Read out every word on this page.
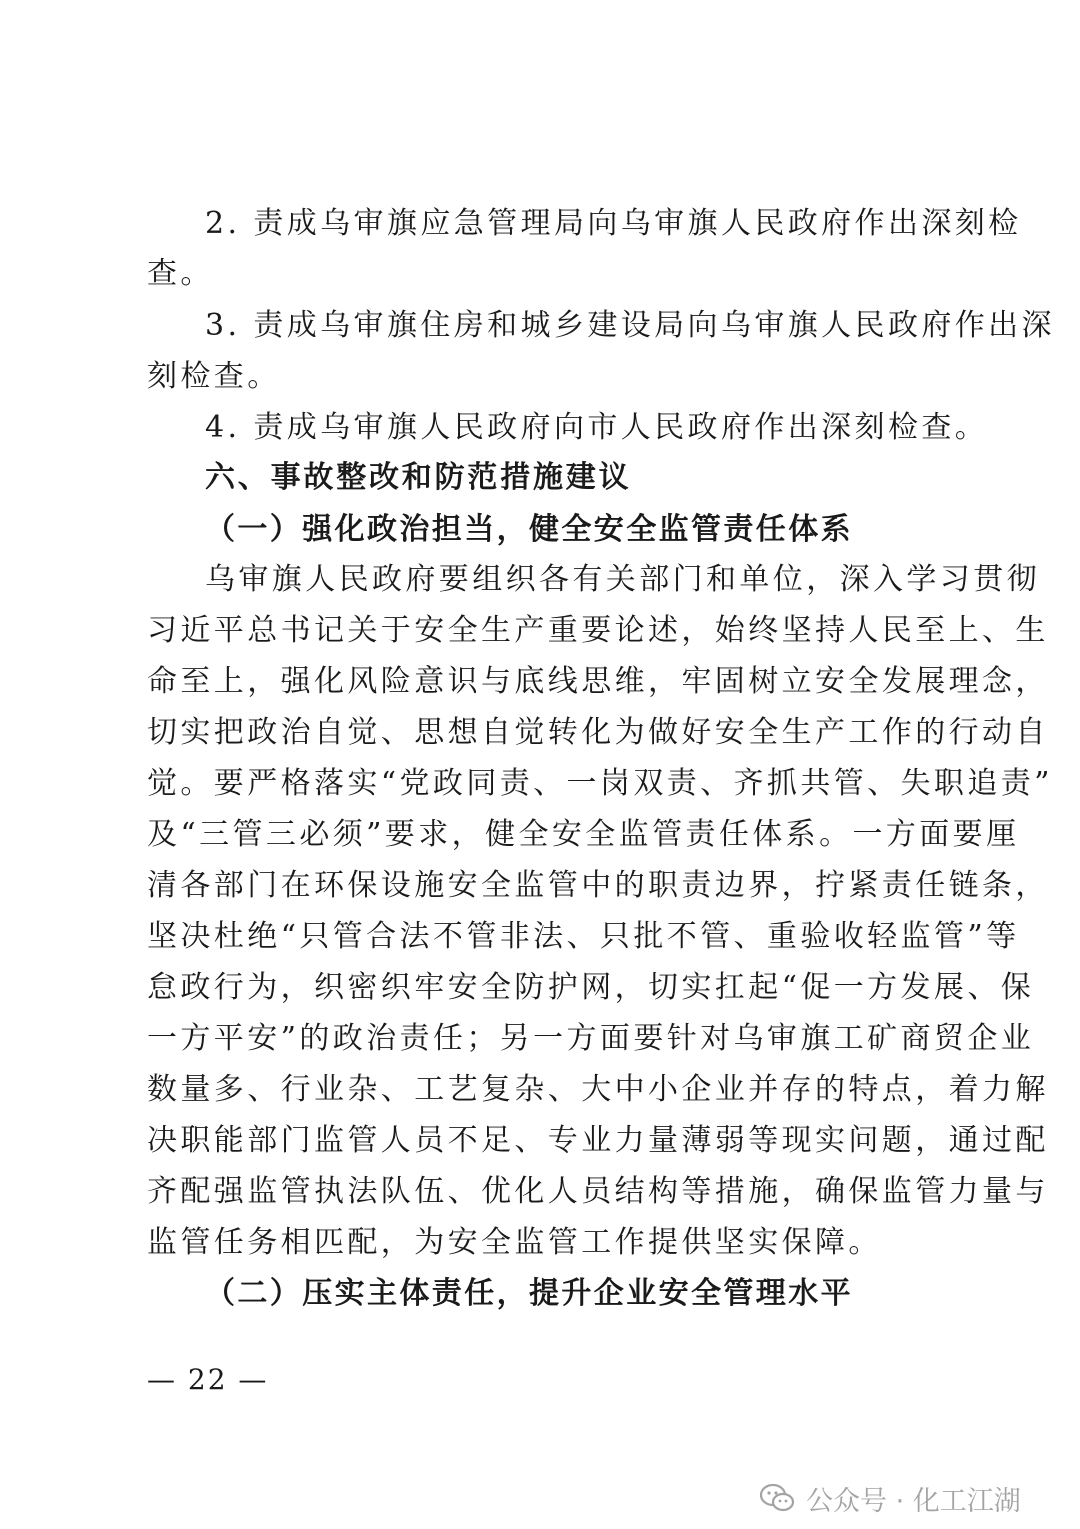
2. 责成乌审旗应急管理局向乌审旗人民政府作出深刻检
查。
3. 责成乌审旗住房和城乡建设局向乌审旗人民政府作出深
刻检查。
4. 责成乌审旗人民政府向市人民政府作出深刻检查。
六、事故整改和防范措施建议
（一）强化政治担当，健全安全监管责任体系
乌审旗人民政府要组织各有关部门和单位，深入学习贯彻
习近平总书记关于安全生产重要论述，始终坚持人民至上、生
命至上，强化风险意识与底线思维，牢固树立安全发展理念，
切实把政治自觉、思想自觉转化为做好安全生产工作的行动自
觉。要严格落实“党政同责、一岗双责、齐抓共管、失职追责”
及“三管三必须”要求，健全安全监管责任体系。一方面要厘
清各部门在环保设施安全监管中的职责边界，拧紧责任链条，
坚决杜绝“只管合法不管非法、只批不管、重验收轻监管”等
怠政行为，织密织牢安全防护网，切实扛起“促一方发展、保
一方平安”的政治责任；另一方面要针对乌审旗工矿商贸企业
数量多、行业杂、工艺复杂、大中小企业并存的特点，着力解
决职能部门监管人员不足、专业力量薄弱等现实问题，通过配
齐配强监管执法队伍、优化人员结构等措施，确保监管力量与
监管任务相匹配，为安全监管工作提供坚实保障。
（二）压实主体责任，提升企业安全管理水平
— 22 —
公众号 · 化工江湖
